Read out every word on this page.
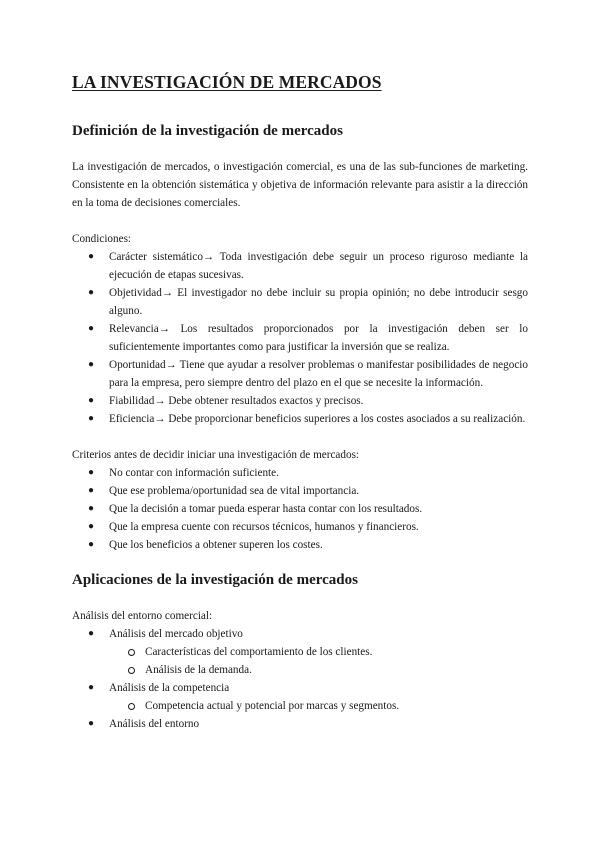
LA INVESTIGACIÓN DE MERCADOS
Definición de la investigación de mercados

La investigación de mercados, o investigación comercial, es una de las sub-funciones de marketing. Consistente en la obtención sistemática y objetiva de información relevante para asistir a la dirección en la toma de decisiones comerciales.

Condiciones:

● Carácter sistemático→ Toda investigación debe seguir un proceso riguroso mediante la ejecución de etapas sucesivas.
● Objetividad→ El investigador no debe incluir su propia opinión; no debe introducir sesgo alguno.
● Relevancia→ Los resultados proporcionados por la investigación deben ser lo suficientemente importantes como para justificar la inversión que se realiza.
● Oportunidad→ Tiene que ayudar a resolver problemas o manifestar posibilidades de negocio para la empresa, pero siempre dentro del plazo en el que se necesite la información.
● Fiabilidad→ Debe obtener resultados exactos y precisos.
● Eficiencia→ Debe proporcionar beneficios superiores a los costes asociados a su realización.

Criterios antes de decidir iniciar una investigación de mercados:

● No contar con información suficiente.
● Que ese problema/oportunidad sea de vital importancia.
● Que la decisión a tomar pueda esperar hasta contar con los resultados.
● Que la empresa cuente con recursos técnicos, humanos y financieros.
● Que los beneficios a obtener superen los costes.
Aplicaciones de la investigación de mercados

Análisis del entorno comercial:

● Análisis del mercado objetivo
Características del comportamiento de los clientes.
Análisis de la demanda.
● Análisis de la competencia
Competencia actual y potencial por marcas y segmentos.
● Análisis del entorno
